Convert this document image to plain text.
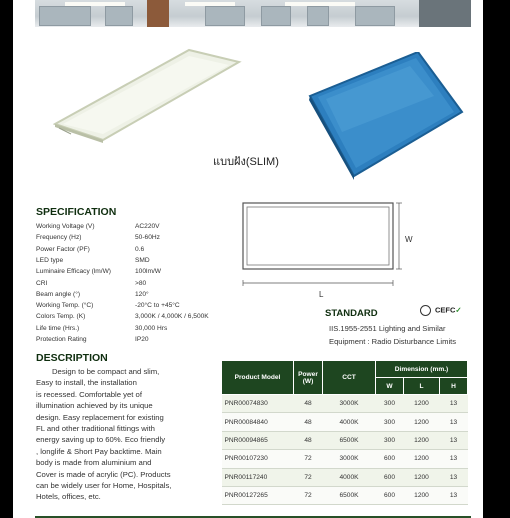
แบบฝัง(SLIM)
SPECIFICATION
Working Voltage (V)	AC220V
Frequency (Hz)	50-60Hz
Power Factor (PF)	0.6
LED type	SMD
Luminaire Efficacy (lm/W)	100lm/W
CRI	>80
Beam angle (°)	120°
Working Temp. (°C)	-20°C to +45°C
Colors Temp. (K)	3,000K / 4,000K / 6,500K
Life time (Hrs.)	30,000 Hrs
Protection Rating	IP20
W
L
STANDARD	CEFC✓
IIS.1955-2551 Lighting and Similar
Equipment : Radio Disturbance Limits
DESCRIPTION
Design to be compact and slim,
Easy to install, the installation
is recessed. Comfortable yet of
illumination achieved by its unique
design. Easy replacement for existing
FL and other traditional fittings with
energy saving up to 60%. Eco friendly
, longlife & Short Pay backtime. Main
body is made from aluminium and
Cover is made of acrylic (PC). Products
can be widely user for Home, Hospitals,
Hotels, offices, etc.
Product Model	Power (W)	CCT	Dimension (mm.)		
			W	L	H
PNR00074830	48	3000K	300	1200	13
PNR00084840	48	4000K	300	1200	13
PNR00094865	48	6500K	300	1200	13
PNR00107230	72	3000K	600	1200	13
PNR00117240	72	4000K	600	1200	13
PNR00127265	72	6500K	600	1200	13
